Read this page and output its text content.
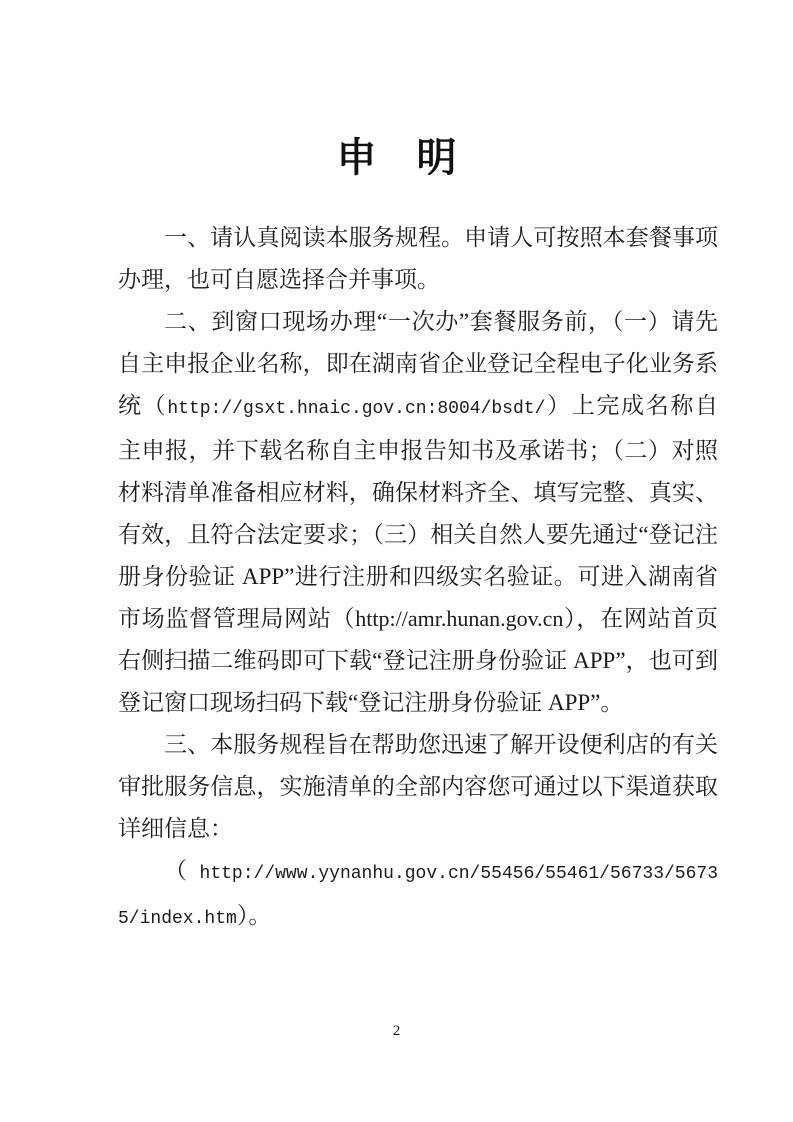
申　明

一、请认真阅读本服务规程。申请人可按照本套餐事项办理，也可自愿选择合并事项。

二、到窗口现场办理“一次办”套餐服务前，（一）请先自主申报企业名称，即在湖南省企业登记全程电子化业务系统（http://gsxt.hnaic.gov.cn:8004/bsdt/）上完成名称自主申报，并下载名称自主申报告知书及承诺书；（二）对照材料清单准备相应材料，确保材料齐全、填写完整、真实、有效，且符合法定要求；（三）相关自然人要先通过“登记注册身份验证 APP”进行注册和四级实名验证。可进入湖南省市场监督管理局网站（http://amr.hunan.gov.cn），在网站首页右侧扫描二维码即可下载“登记注册身份验证 APP”，也可到登记窗口现场扫码下载“登记注册身份验证 APP”。

三、本服务规程旨在帮助您迅速了解开设便利店的有关审批服务信息，实施清单的全部内容您可通过以下渠道获取详细信息：

（http://www.yynanhu.gov.cn/55456/55461/56733/56735/index.htm）。

2
